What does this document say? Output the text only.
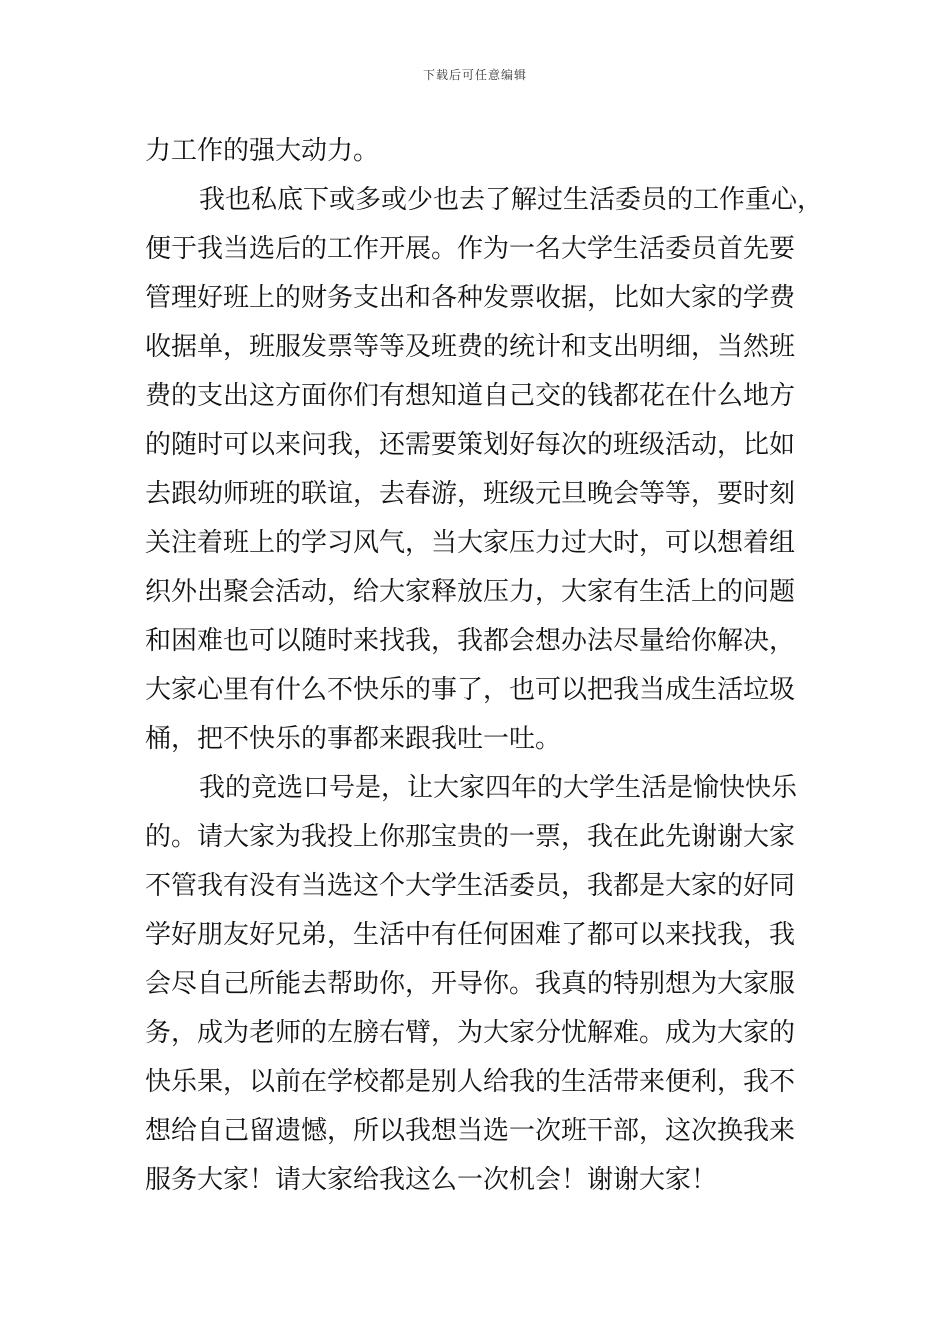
下载后可任意编辑
力工作的强大动力。
我也私底下或多或少也去了解过生活委员的工作重心，
便于我当选后的工作开展。作为一名大学生活委员首先要
管理好班上的财务支出和各种发票收据，比如大家的学费
收据单，班服发票等等及班费的统计和支出明细，当然班
费的支出这方面你们有想知道自己交的钱都花在什么地方
的随时可以来问我，还需要策划好每次的班级活动，比如
去跟幼师班的联谊，去春游，班级元旦晚会等等，要时刻
关注着班上的学习风气，当大家压力过大时，可以想着组
织外出聚会活动，给大家释放压力，大家有生活上的问题
和困难也可以随时来找我，我都会想办法尽量给你解决，
大家心里有什么不快乐的事了，也可以把我当成生活垃圾
桶，把不快乐的事都来跟我吐一吐。
我的竞选口号是，让大家四年的大学生活是愉快快乐
的。请大家为我投上你那宝贵的一票，我在此先谢谢大家
不管我有没有当选这个大学生活委员，我都是大家的好同
学好朋友好兄弟，生活中有任何困难了都可以来找我，我
会尽自己所能去帮助你，开导你。我真的特别想为大家服
务，成为老师的左膀右臂，为大家分忧解难。成为大家的
快乐果，以前在学校都是别人给我的生活带来便利，我不
想给自己留遗憾，所以我想当选一次班干部，这次换我来
服务大家！请大家给我这么一次机会！谢谢大家！
